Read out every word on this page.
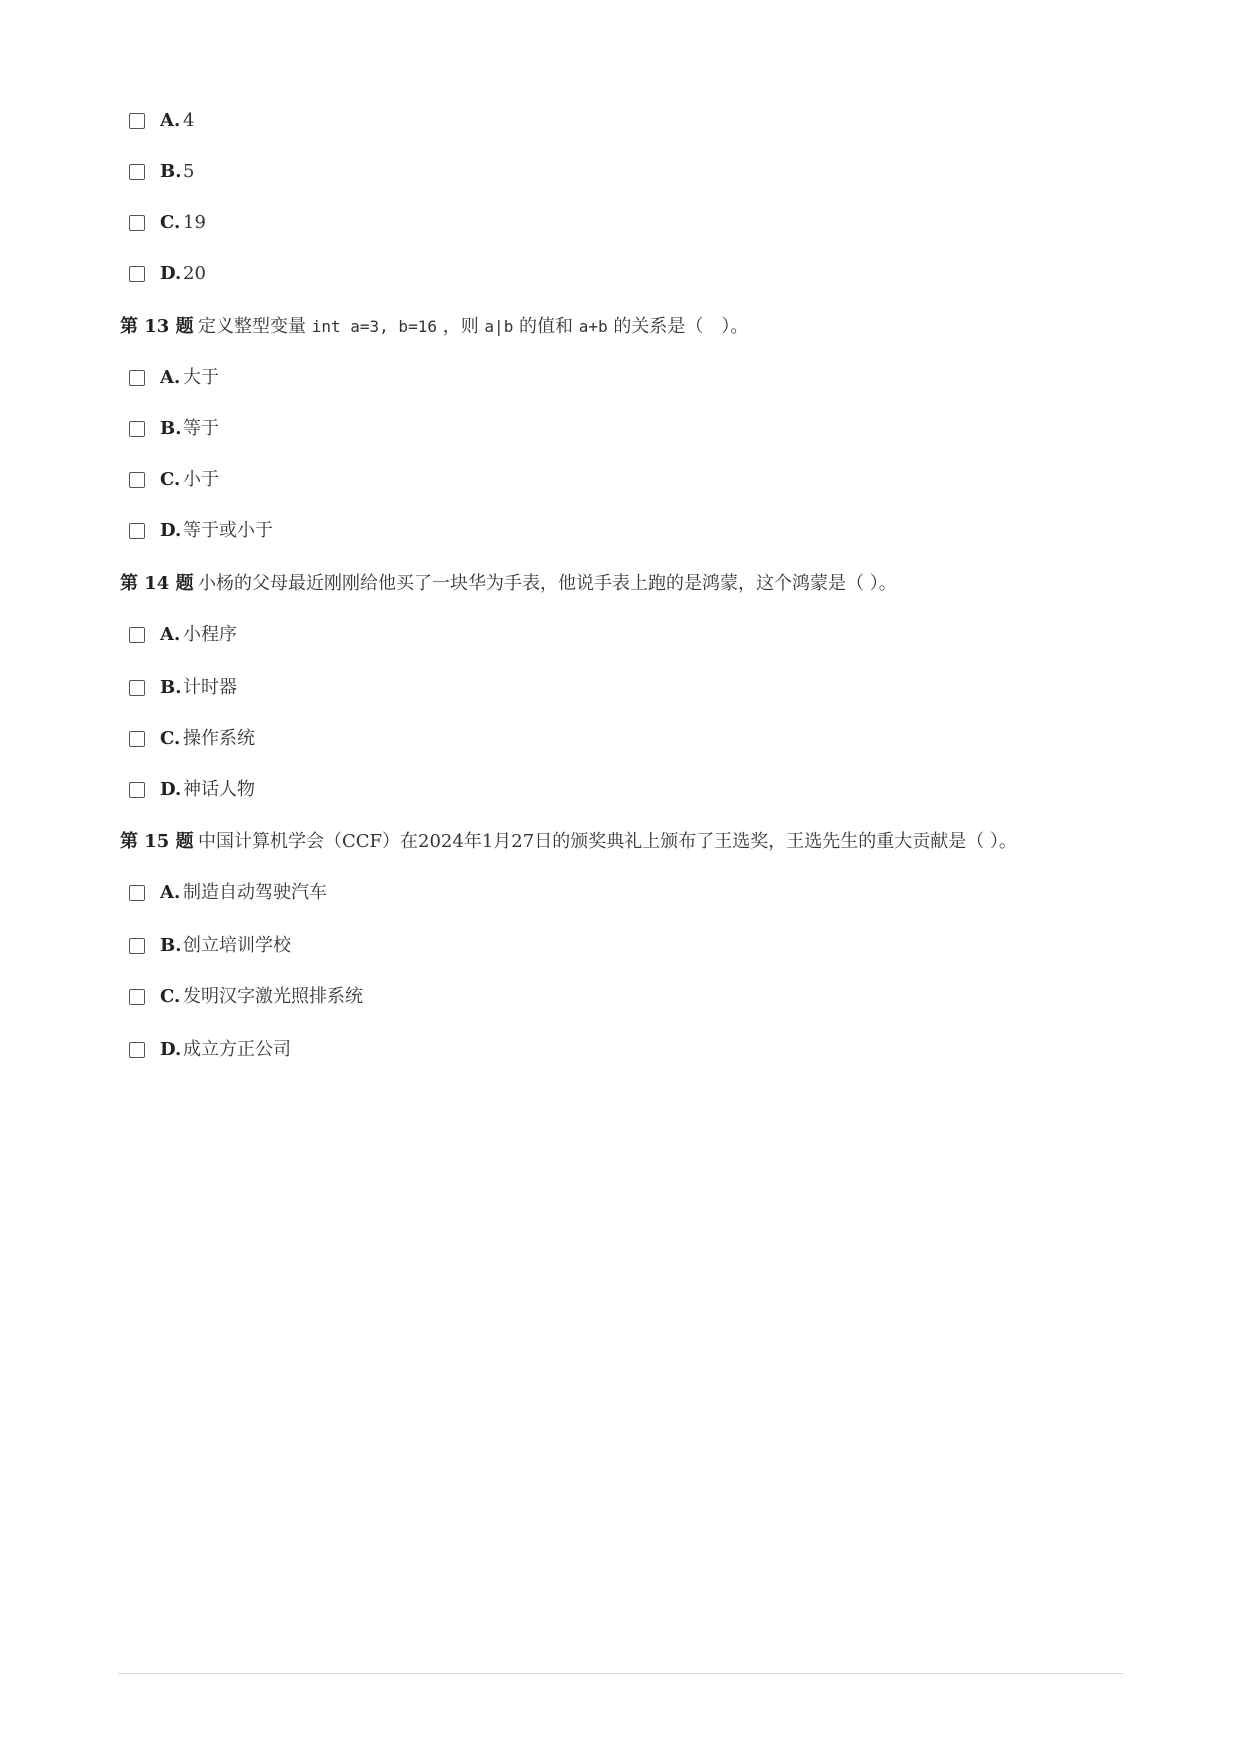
A. 4
B. 5
C. 19
D. 20
第 13 题 定义整型变量 int a=3, b=16 ，则 a|b 的值和 a+b 的关系是（　）。
A. 大于
B. 等于
C. 小于
D. 等于或小于
第 14 题 小杨的父母最近刚刚给他买了一块华为手表，他说手表上跑的是鸿蒙，这个鸿蒙是（ ）。
A. 小程序
B. 计时器
C. 操作系统
D. 神话人物
第 15 题 中国计算机学会（CCF）在2024年1月27日的颁奖典礼上颁布了王选奖，王选先生的重大贡献是（ ）。
A. 制造自动驾驶汽车
B. 创立培训学校
C. 发明汉字激光照排系统
D. 成立方正公司
